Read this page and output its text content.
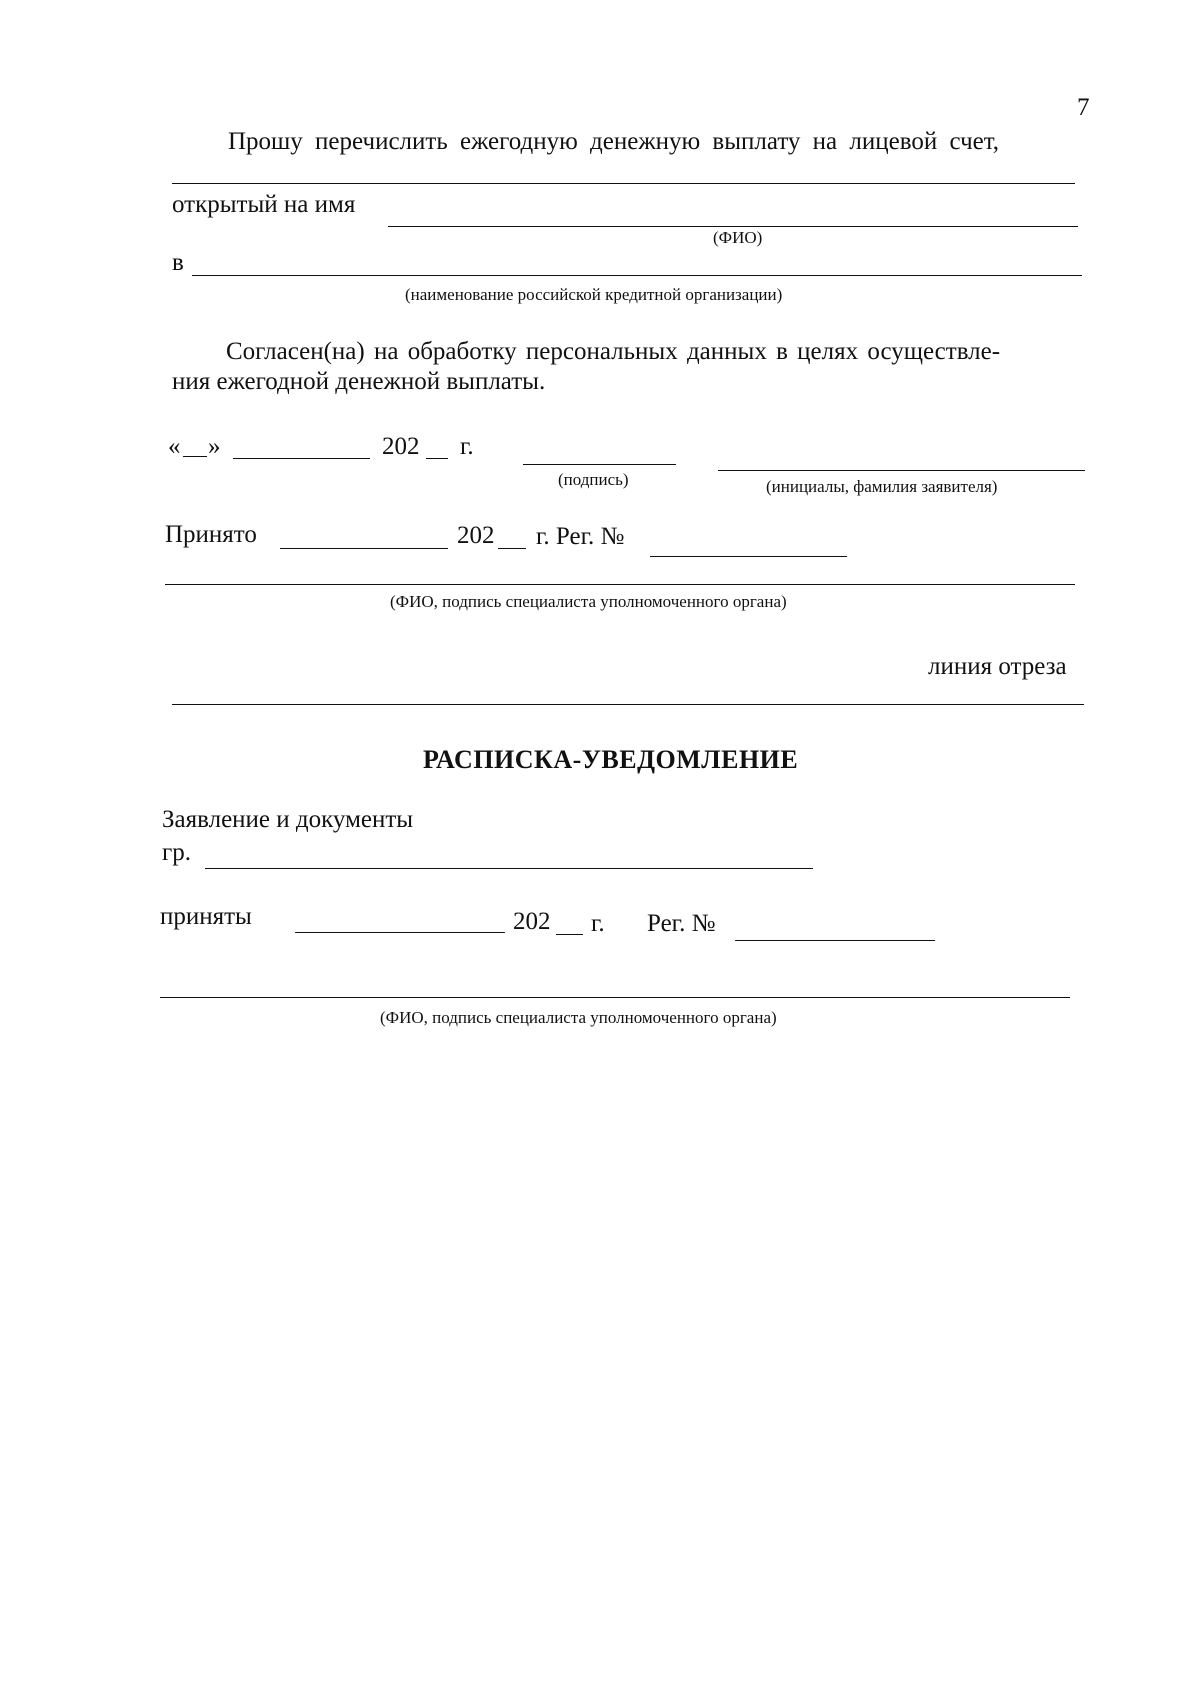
7
Прошу перечислить ежегодную денежную выплату на лицевой счет,
открытый на имя
(ФИО)
в
(наименование российской кредитной организации)
Согласен(на) на обработку персональных данных в целях осуществле-
ния ежегодной денежной выплаты.
« »	202 г.
(подпись)	(инициалы, фамилия заявителя)
Принято	202 г. Рег. №
(ФИО, подпись специалиста уполномоченного органа)
линия отреза
РАСПИСКА-УВЕДОМЛЕНИЕ
Заявление и документы
гр.
приняты	202 г. Рег. №
(ФИО, подпись специалиста уполномоченного органа)
